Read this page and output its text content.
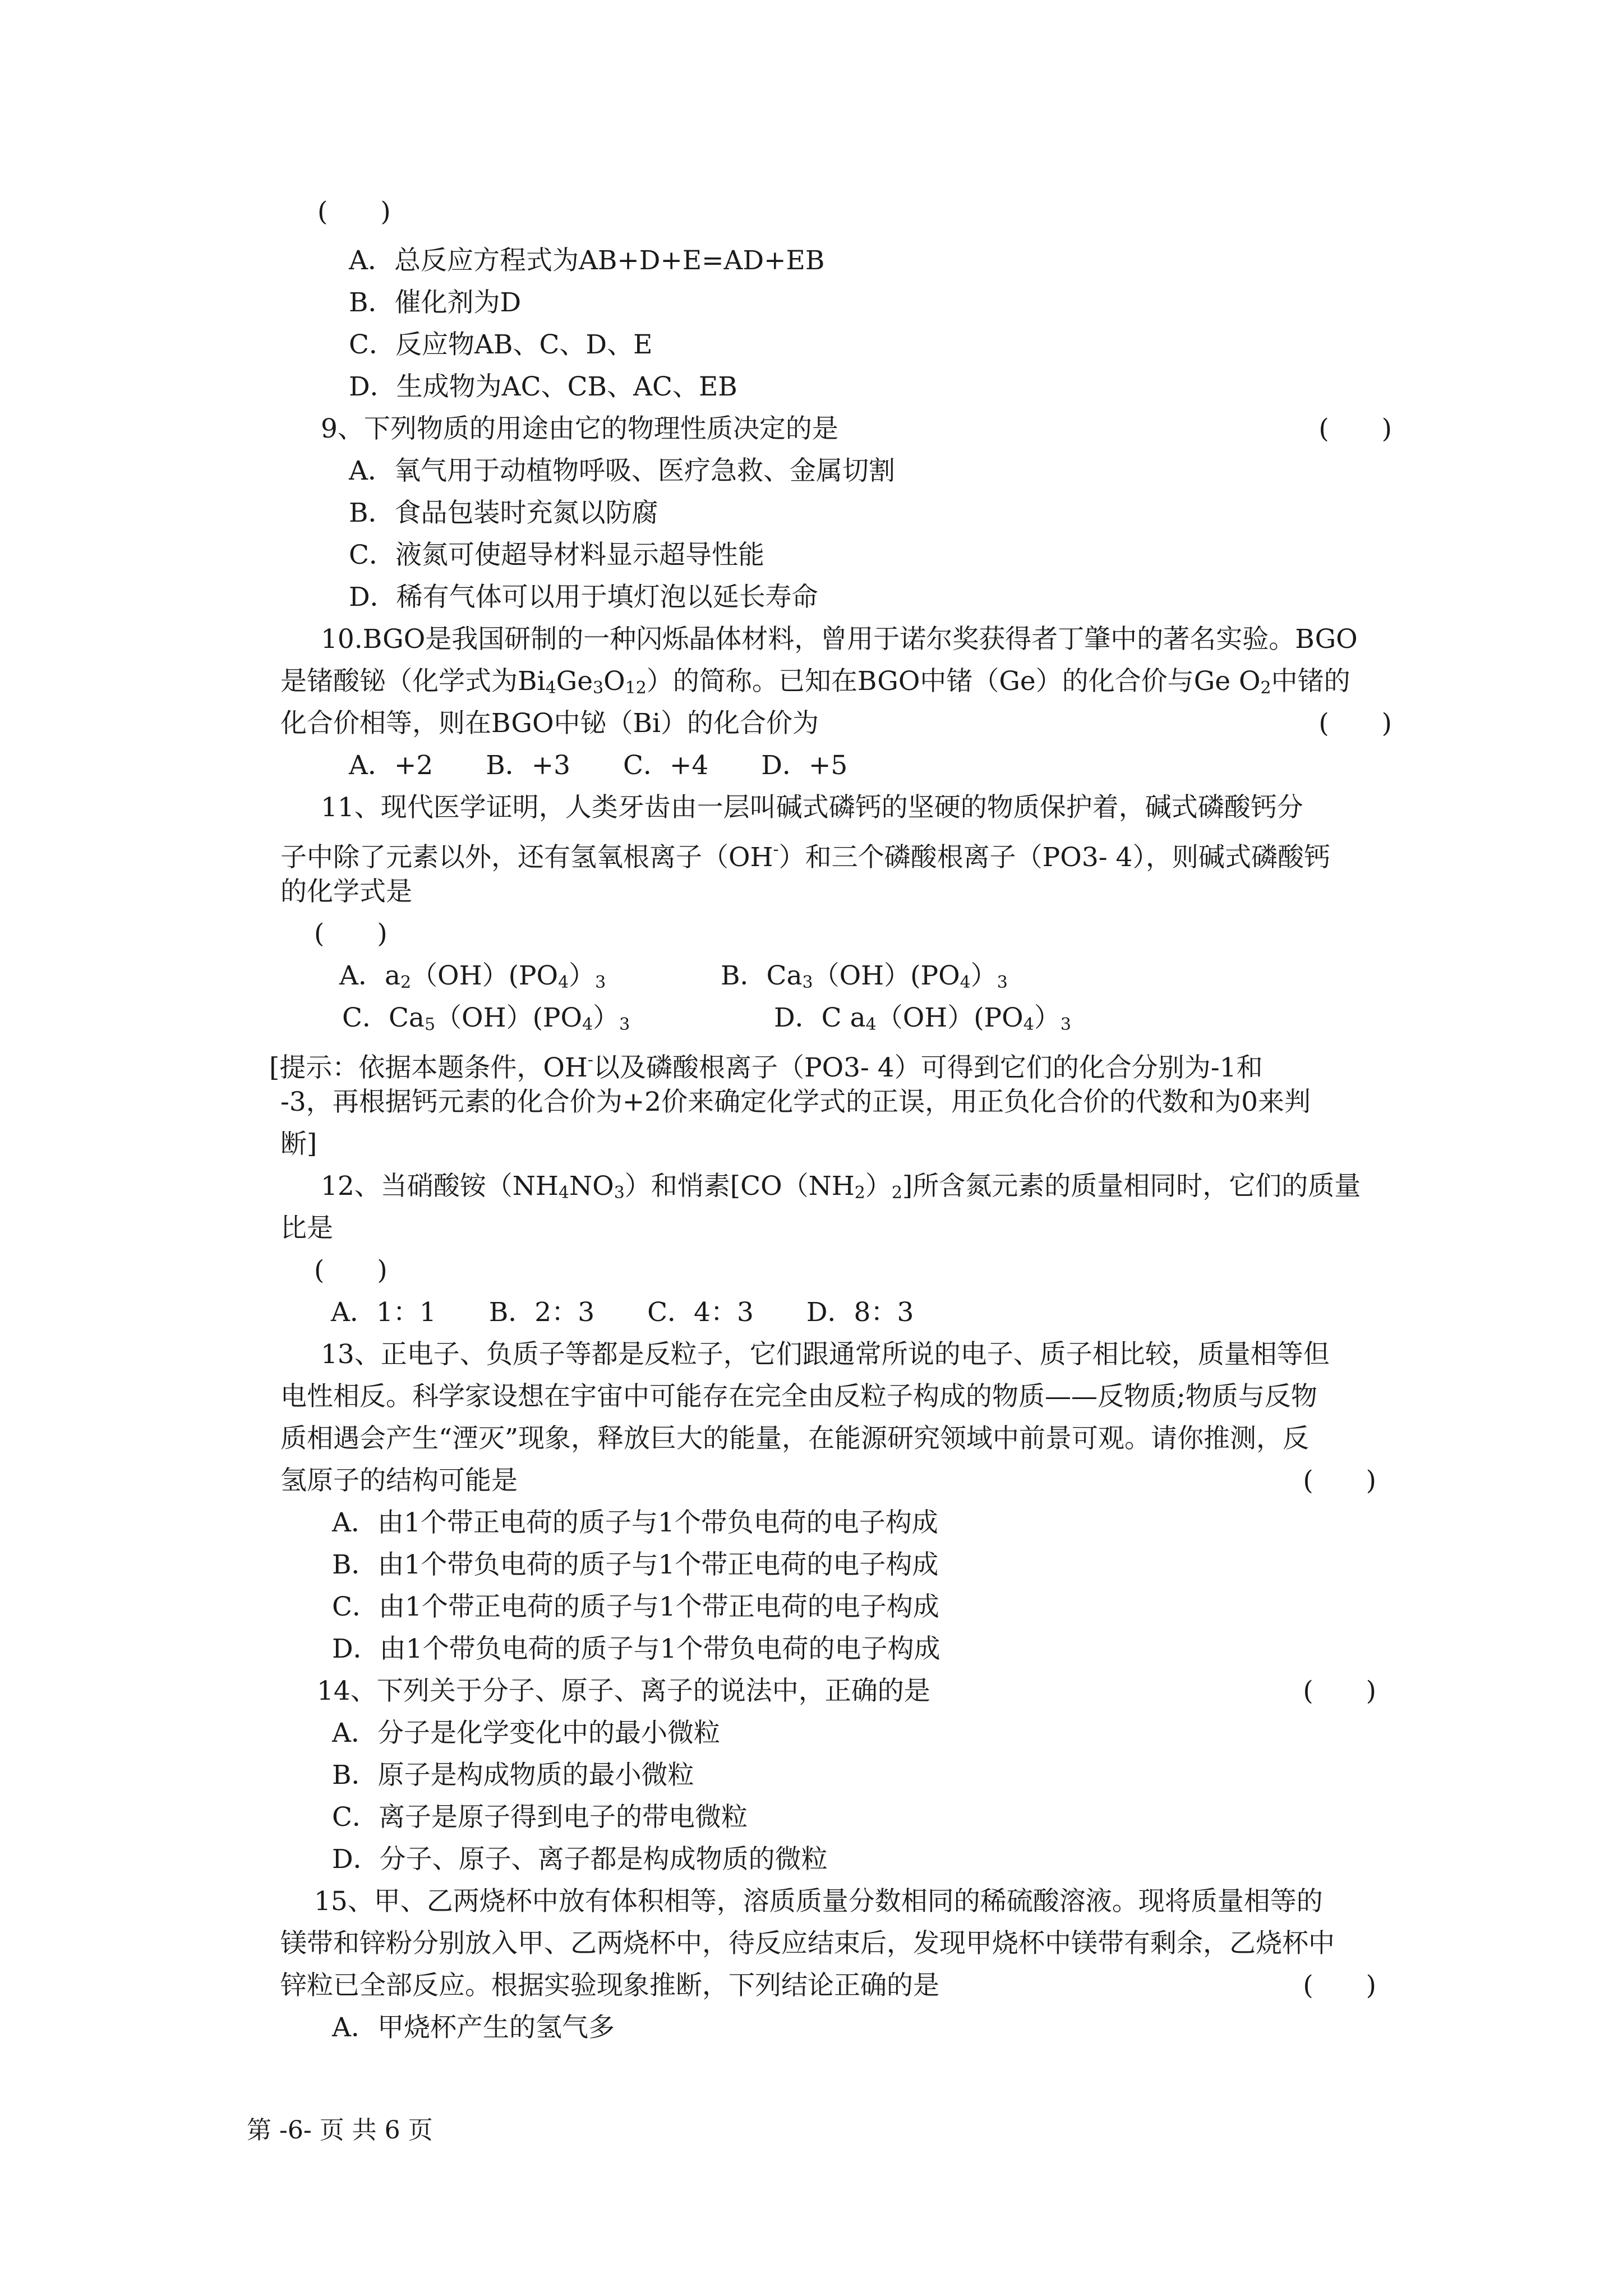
(　　)
A．总反应方程式为AB+D+E=AD+EB
B．催化剂为D
C．反应物AB、C、D、E
D．生成物为AC、CB、AC、EB
9、下列物质的用途由它的物理性质决定的是	(　　)
A．氧气用于动植物呼吸、医疗急救、金属切割
B．食品包装时充氮以防腐
C．液氮可使超导材料显示超导性能
D．稀有气体可以用于填灯泡以延长寿命
10.BGO是我国研制的一种闪烁晶体材料，曾用于诺尔奖获得者丁肇中的著名实验。BGO
是锗酸铋（化学式为$Bi_4Ge_3O_{12}$）的简称。已知在BGO中锗（Ge）的化合价与Ge $O_2$中锗的
化合价相等，则在BGO中铋（Bi）的化合价为	(　　)
A．+2　　B．+3　　C．+4　　D．+5
11、现代医学证明，人类牙齿由一层叫碱式磷钙的坚硬的物质保护着，碱式磷酸钙分
子中除了元素以外，还有氢氧根离子（OH-）和三个磷酸根离子（PO3- 4），则碱式磷酸钙
的化学式是
(　　)
A．$a_2(OH)(PO_4)_3$	B．$Ca_3(OH)(PO_4)_3$
C．$Ca_5(OH)(PO_4)_3$	D．C $a_4(OH)(PO_4)_3$
[提示：依据本题条件，OH-以及磷酸根离子（PO3- 4）可得到它们的化合分别为-1和
-3，再根据钙元素的化合价为+2价来确定化学式的正误，用正负化合价的代数和为0来判
断]
12、当硝酸铵$(NH_4NO_3)$和悄素$[CO(NH_2)_2]$所含氮元素的质量相同时，它们的质量
比是
(　　)
A．1：1　　B．2：3　　C．4：3　　D．8：3
13、正电子、负质子等都是反粒子，它们跟通常所说的电子、质子相比较，质量相等但
电性相反。科学家设想在宇宙中可能存在完全由反粒子构成的物质——反物质;物质与反物
质相遇会产生“湮灭”现象，释放巨大的能量，在能源研究领域中前景可观。请你推测，反
氢原子的结构可能是	(　　)
A．由1个带正电荷的质子与1个带负电荷的电子构成
B．由1个带负电荷的质子与1个带正电荷的电子构成
C．由1个带正电荷的质子与1个带正电荷的电子构成
D．由1个带负电荷的质子与1个带负电荷的电子构成
14、下列关于分子、原子、离子的说法中，正确的是	(　　)
A．分子是化学变化中的最小微粒
B．原子是构成物质的最小微粒
C．离子是原子得到电子的带电微粒
D．分子、原子、离子都是构成物质的微粒
15、甲、乙两烧杯中放有体积相等，溶质质量分数相同的稀硫酸溶液。现将质量相等的
镁带和锌粉分别放入甲、乙两烧杯中，待反应结束后，发现甲烧杯中镁带有剩余，乙烧杯中
锌粒已全部反应。根据实验现象推断，下列结论正确的是	(　　)
A．甲烧杯产生的氢气多
第 -6- 页 共 6 页
